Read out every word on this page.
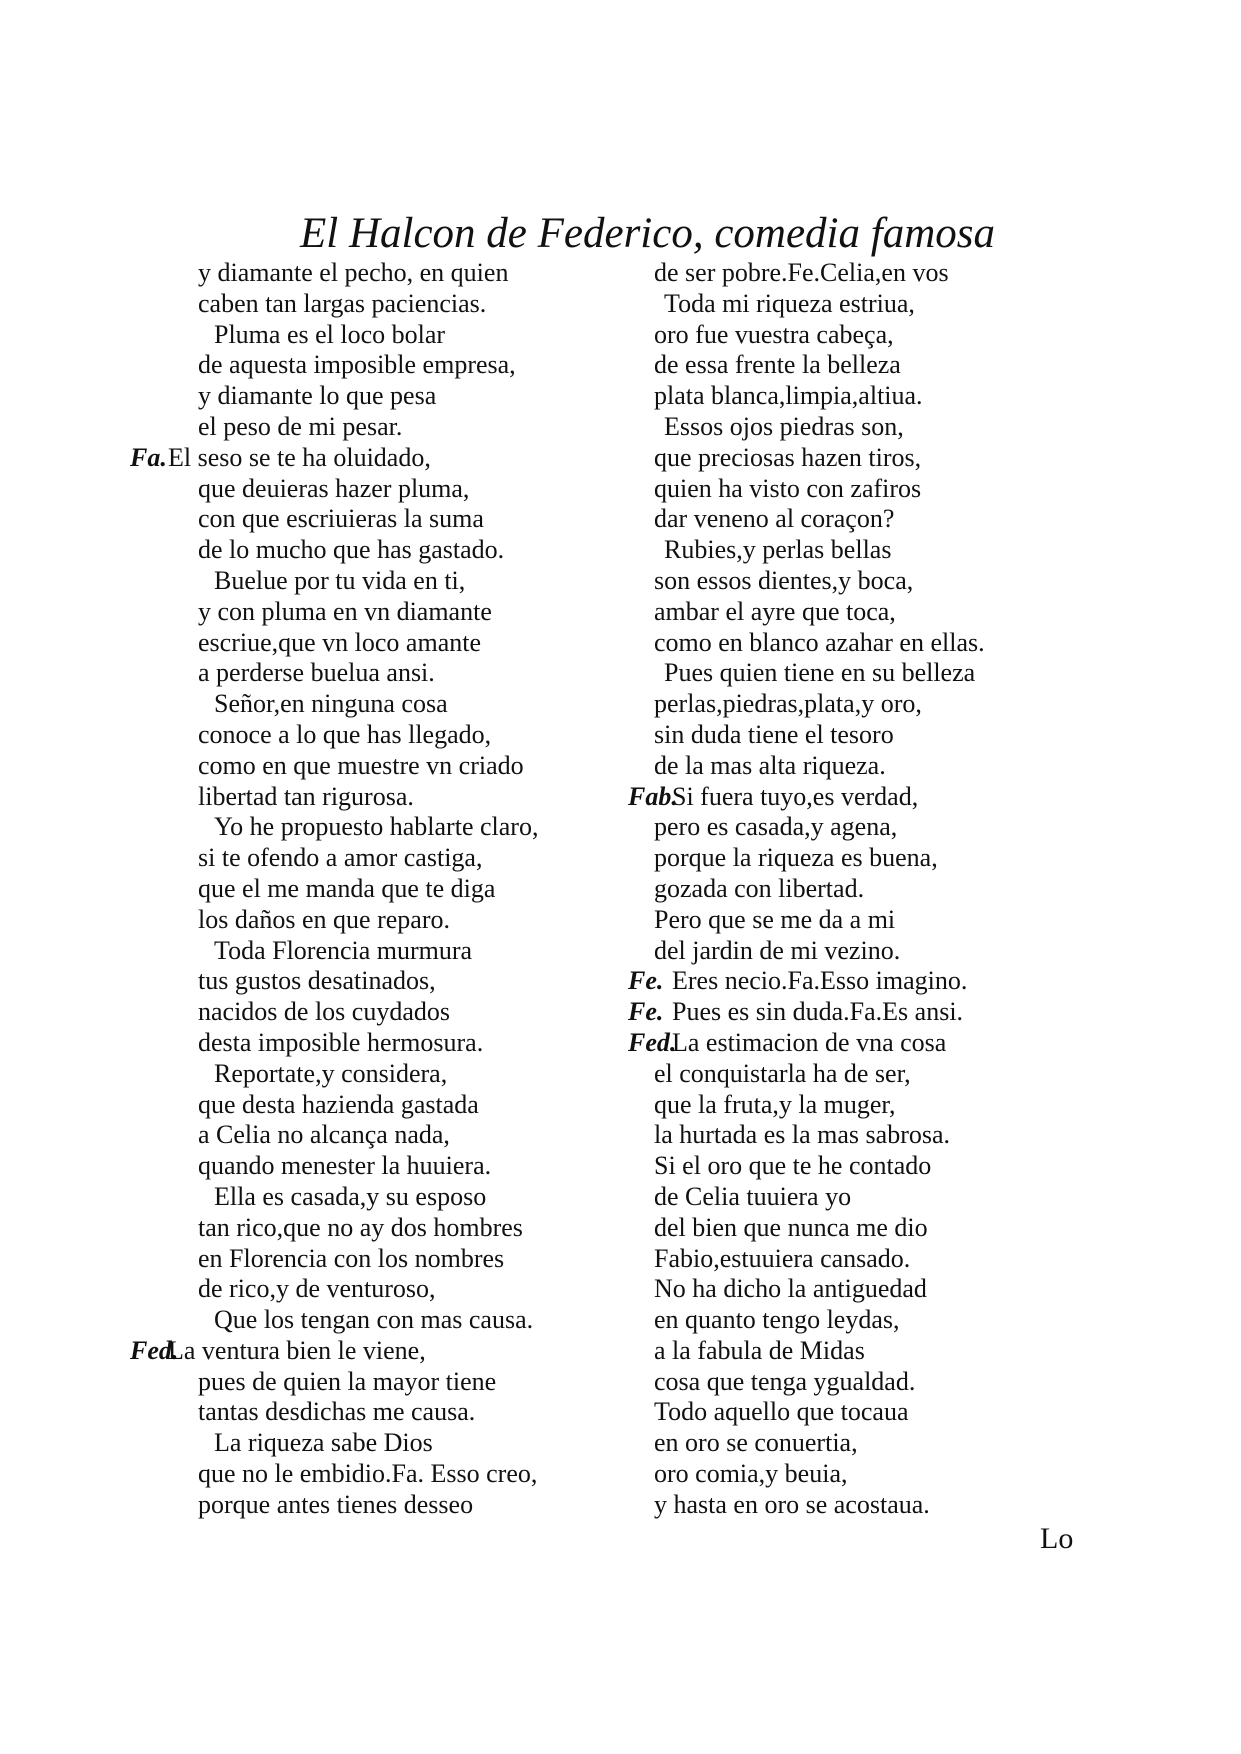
El Halcon de Federico, comedia famosa
y diamante el pecho, en quien
caben tan largas paciencias.
Pluma es el loco bolar
de aquesta imposible empresa,
y diamante lo que pesa
el peso de mi pesar.
Fa. El seso se te ha oluidado,
que deuieras hazer pluma,
con que escriuieras la suma
de lo mucho que has gastado.
Buelue por tu vida en ti,
y con pluma en vn diamante
escriue,que vn loco amante
a perderse buelua ansi.
Señor,en ninguna cosa
conoce a lo que has llegado,
como en que muestre vn criado
libertad tan rigurosa.
Yo he propuesto hablarte claro,
si te ofendo a amor castiga,
que el me manda que te diga
los daños en que reparo.
Toda Florencia murmura
tus gustos desatinados,
nacidos de los cuydados
desta imposible hermosura.
Reportate,y considera,
que desta hazienda gastada
a Celia no alcança nada,
quando menester la huuiera.
Ella es casada,y su esposo
tan rico,que no ay dos hombres
en Florencia con los nombres
de rico,y de venturoso,
Que los tengan con mas causa.
Fed.
La ventura bien le viene,
pues de quien la mayor tiene
tantas desdichas me causa.
La riqueza sabe Dios
que no le embidio.Fa. Esso creo,
porque antes tienes desseo
de ser pobre.Fe.Celia,en vos
Toda mi riqueza estriua,
oro fue vuestra cabeça,
de essa frente la belleza
plata blanca,limpia,altiua.
Essos ojos piedras son,
que preciosas hazen tiros,
quien ha visto con zafiros
dar veneno al coraçon?
Rubies,y perlas bellas
son essos dientes,y boca,
ambar el ayre que toca,
como en blanco azahar en ellas.
Pues quien tiene en su belleza
perlas,piedras,plata,y oro,
sin duda tiene el tesoro
de la mas alta riqueza.
Fab.
Si fuera tuyo,es verdad,
pero es casada,y agena,
porque la riqueza es buena,
gozada con libertad.
Pero que se me da a mi
del jardin de mi vezino.
Fe. Eres necio.Fa.Esso imagino.
Fe. Pues es sin duda.Fa.Es ansi.
Fed.
La estimacion de vna cosa
el conquistarla ha de ser,
que la fruta,y la muger,
la hurtada es la mas sabrosa.
Si el oro que te he contado
de Celia tuuiera yo
del bien que nunca me dio
Fabio,estuuiera cansado.
No ha dicho la antiguedad
en quanto tengo leydas,
a la fabula de Midas
cosa que tenga ygualdad.
Todo aquello que tocaua
en oro se conuertia,
oro comia,y beuia,
y hasta en oro se acostaua.
Lo
